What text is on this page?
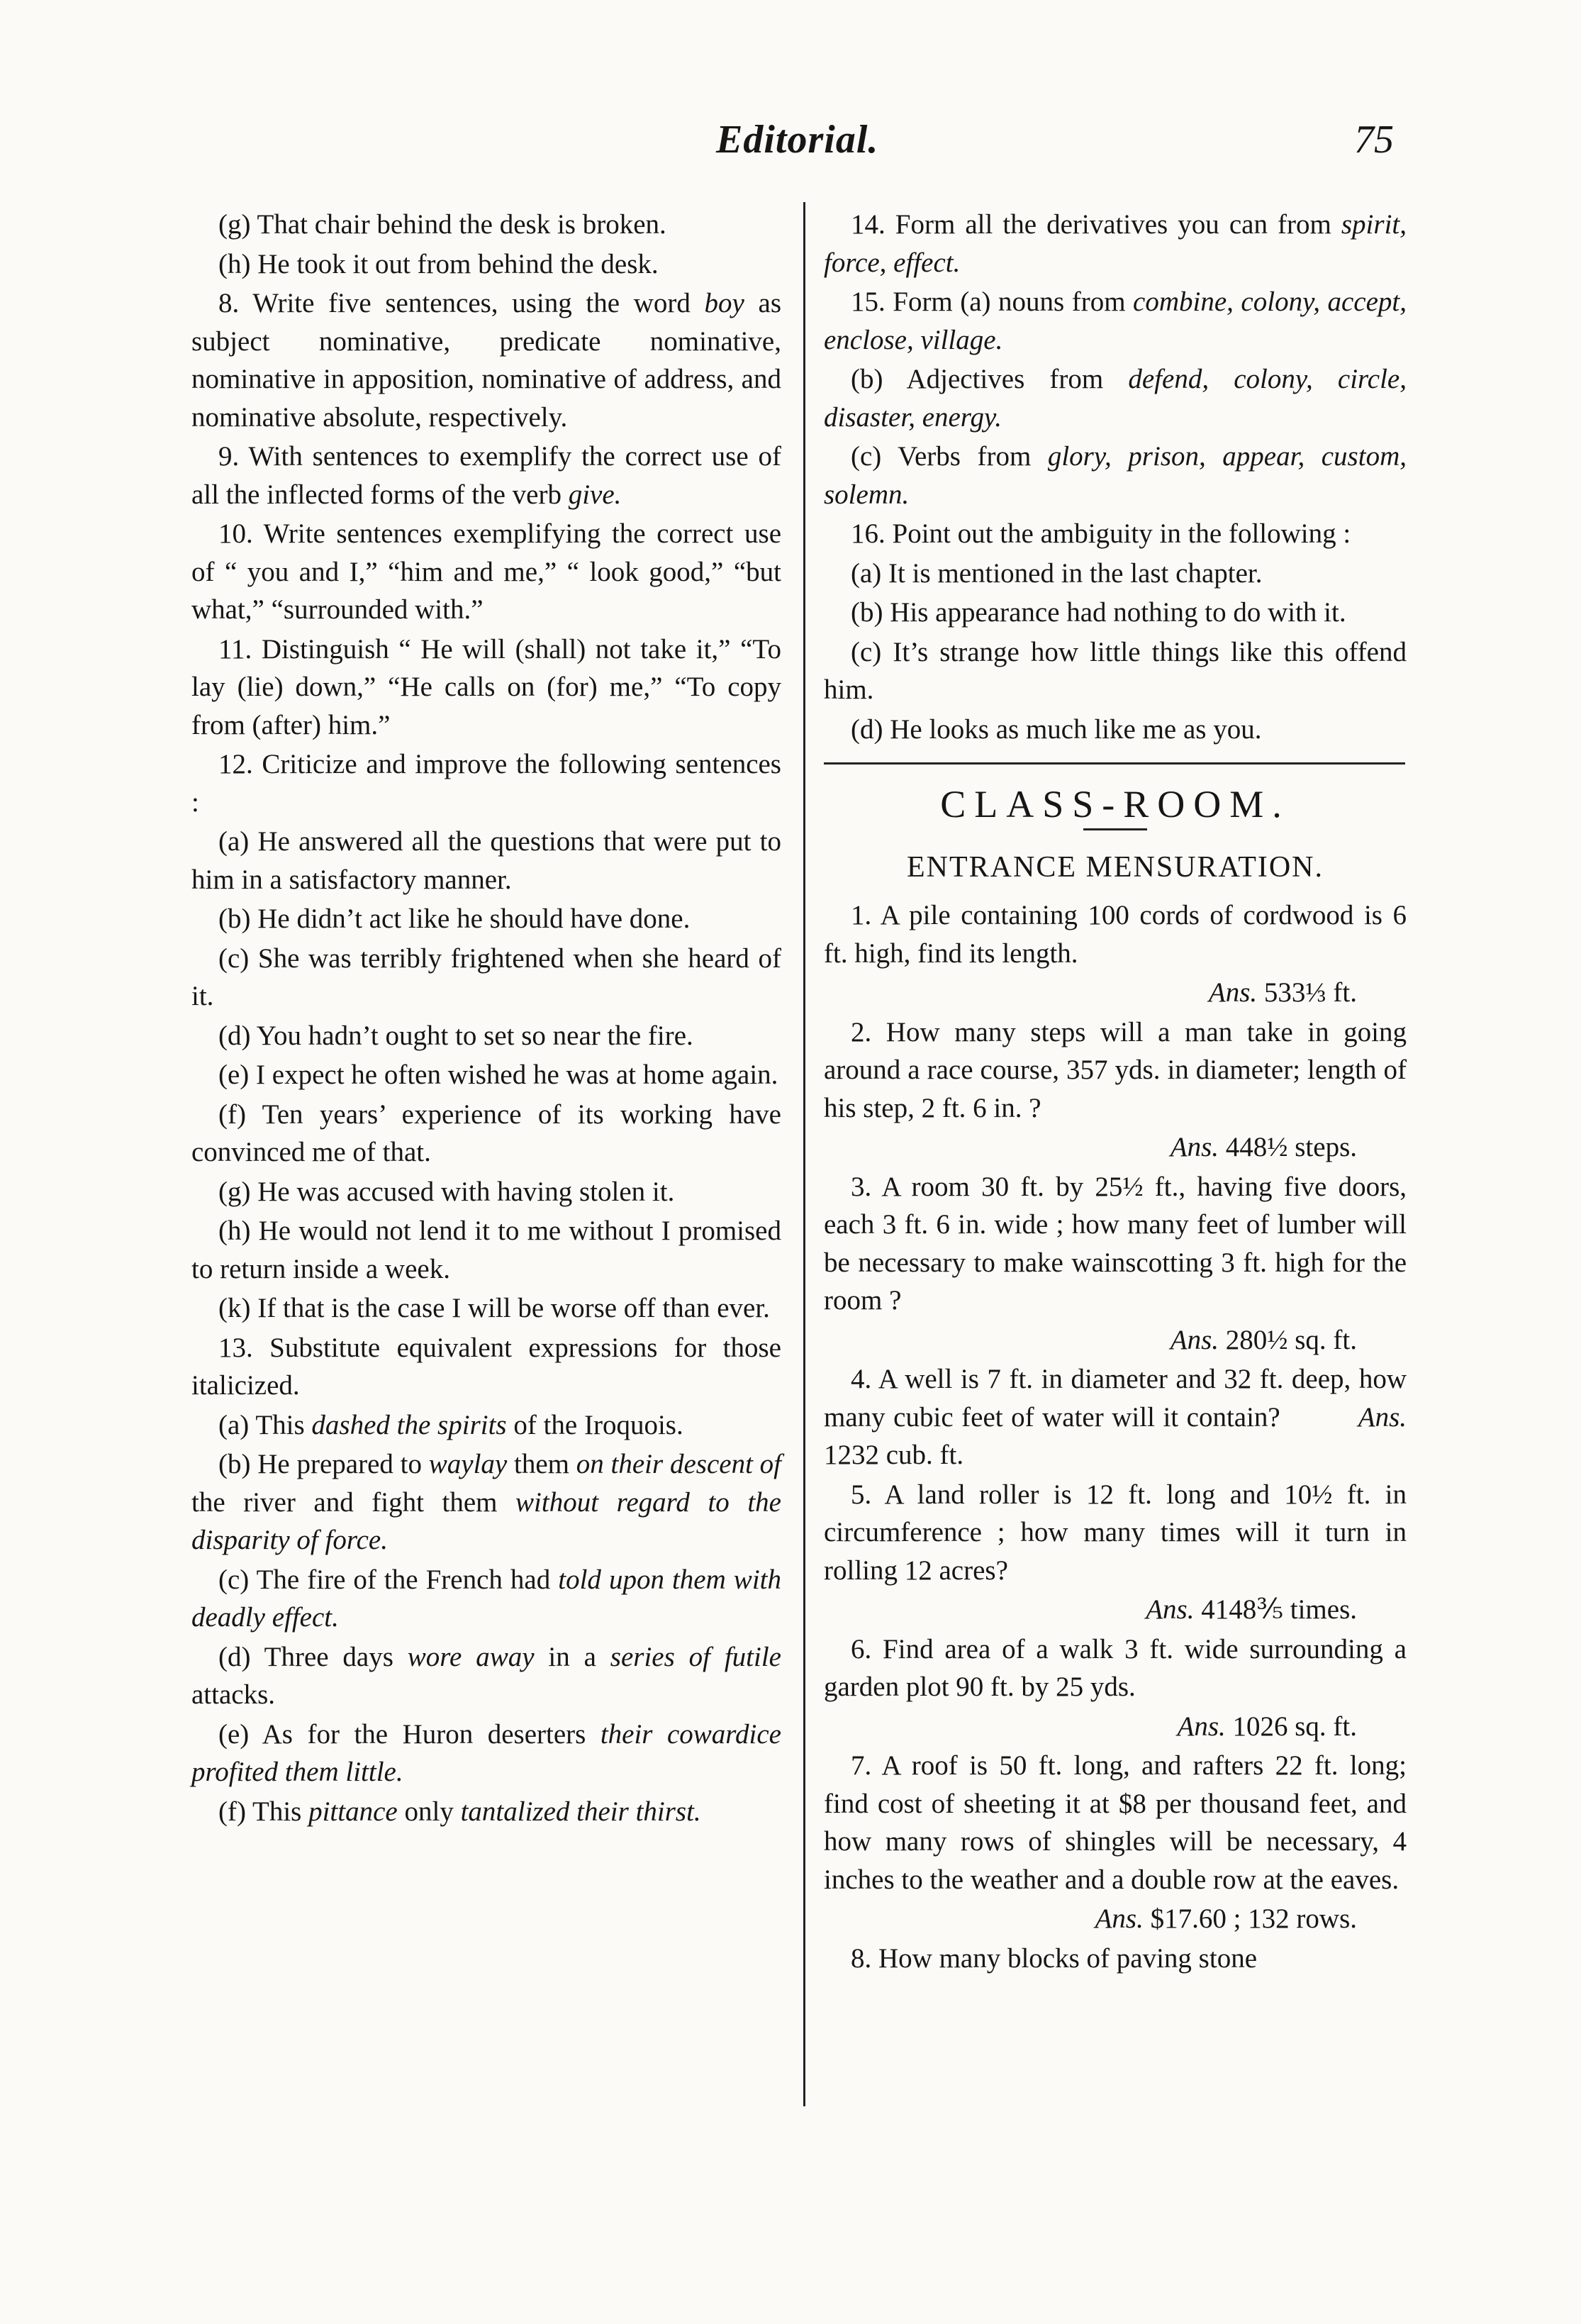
Editorial.	75

(g) That chair behind the desk is broken.

(h) He took it out from behind the desk.

8. Write five sentences, using the word boy as subject nominative, predicate nominative, nominative in apposition, nominative of address, and nominative absolute, respectively.

9. With sentences to exemplify the correct use of all the inflected forms of the verb give.

10. Write sentences exemplifying the correct use of “ you and I,” “him and me,” “ look good,” “but what,” “surrounded with.”

11. Distinguish “ He will (shall) not take it,” “To lay (lie) down,” “He calls on (for) me,” “To copy from (after) him.”

12. Criticize and improve the following sentences :

(a) He answered all the questions that were put to him in a satisfactory manner.

(b) He didn’t act like he should have done.

(c) She was terribly frightened when she heard of it.

(d) You hadn’t ought to set so near the fire.

(e) I expect he often wished he was at home again.

(f) Ten years’ experience of its working have convinced me of that.

(g) He was accused with having stolen it.

(h) He would not lend it to me without I promised to return inside a week.

(k) If that is the case I will be worse off than ever.

13. Substitute equivalent expressions for those italicized.

(a) This dashed the spirits of the Iroquois.

(b) He prepared to waylay them on their descent of the river and fight them without regard to the disparity of force.

(c) The fire of the French had told upon them with deadly effect.

(d) Three days wore away in a series of futile attacks.

(e) As for the Huron deserters their cowardice profited them little.

(f) This pittance only tantalized their thirst.

14. Form all the derivatives you can from spirit, force, effect.

15. Form (a) nouns from combine, colony, accept, enclose, village.

(b) Adjectives from defend, colony, circle, disaster, energy.

(c) Verbs from glory, prison, appear, custom, solemn.

16. Point out the ambiguity in the following :

(a) It is mentioned in the last chapter.

(b) His appearance had nothing to do with it.

(c) It’s strange how little things like this offend him.

(d) He looks as much like me as you.

CLASS-ROOM.
ENTRANCE MENSURATION.

1. A pile containing 100 cords of cordwood is 6 ft. high, find its length.

Ans. 533⅓ ft.

2. How many steps will a man take in going around a race course, 357 yds. in diameter; length of his step, 2 ft. 6 in. ?

Ans. 448½ steps.

3. A room 30 ft. by 25½ ft., having five doors, each 3 ft. 6 in. wide ; how many feet of lumber will be necessary to make wainscotting 3 ft. high for the room ?

Ans. 280½ sq. ft.

4. A well is 7 ft. in diameter and 32 ft. deep, how many cubic feet of water will it contain?	Ans. 1232 cub. ft.

5. A land roller is 12 ft. long and 10½ ft. in circumference ; how many times will it turn in rolling 12 acres?

Ans. 4148⅗ times.

6. Find area of a walk 3 ft. wide surrounding a garden plot 90 ft. by 25 yds.

Ans. 1026 sq. ft.

7. A roof is 50 ft. long, and rafters 22 ft. long; find cost of sheeting it at $8 per thousand feet, and how many rows of shingles will be necessary, 4 inches to the weather and a double row at the eaves.

Ans. $17.60 ; 132 rows.

8. How many blocks of paving stone
